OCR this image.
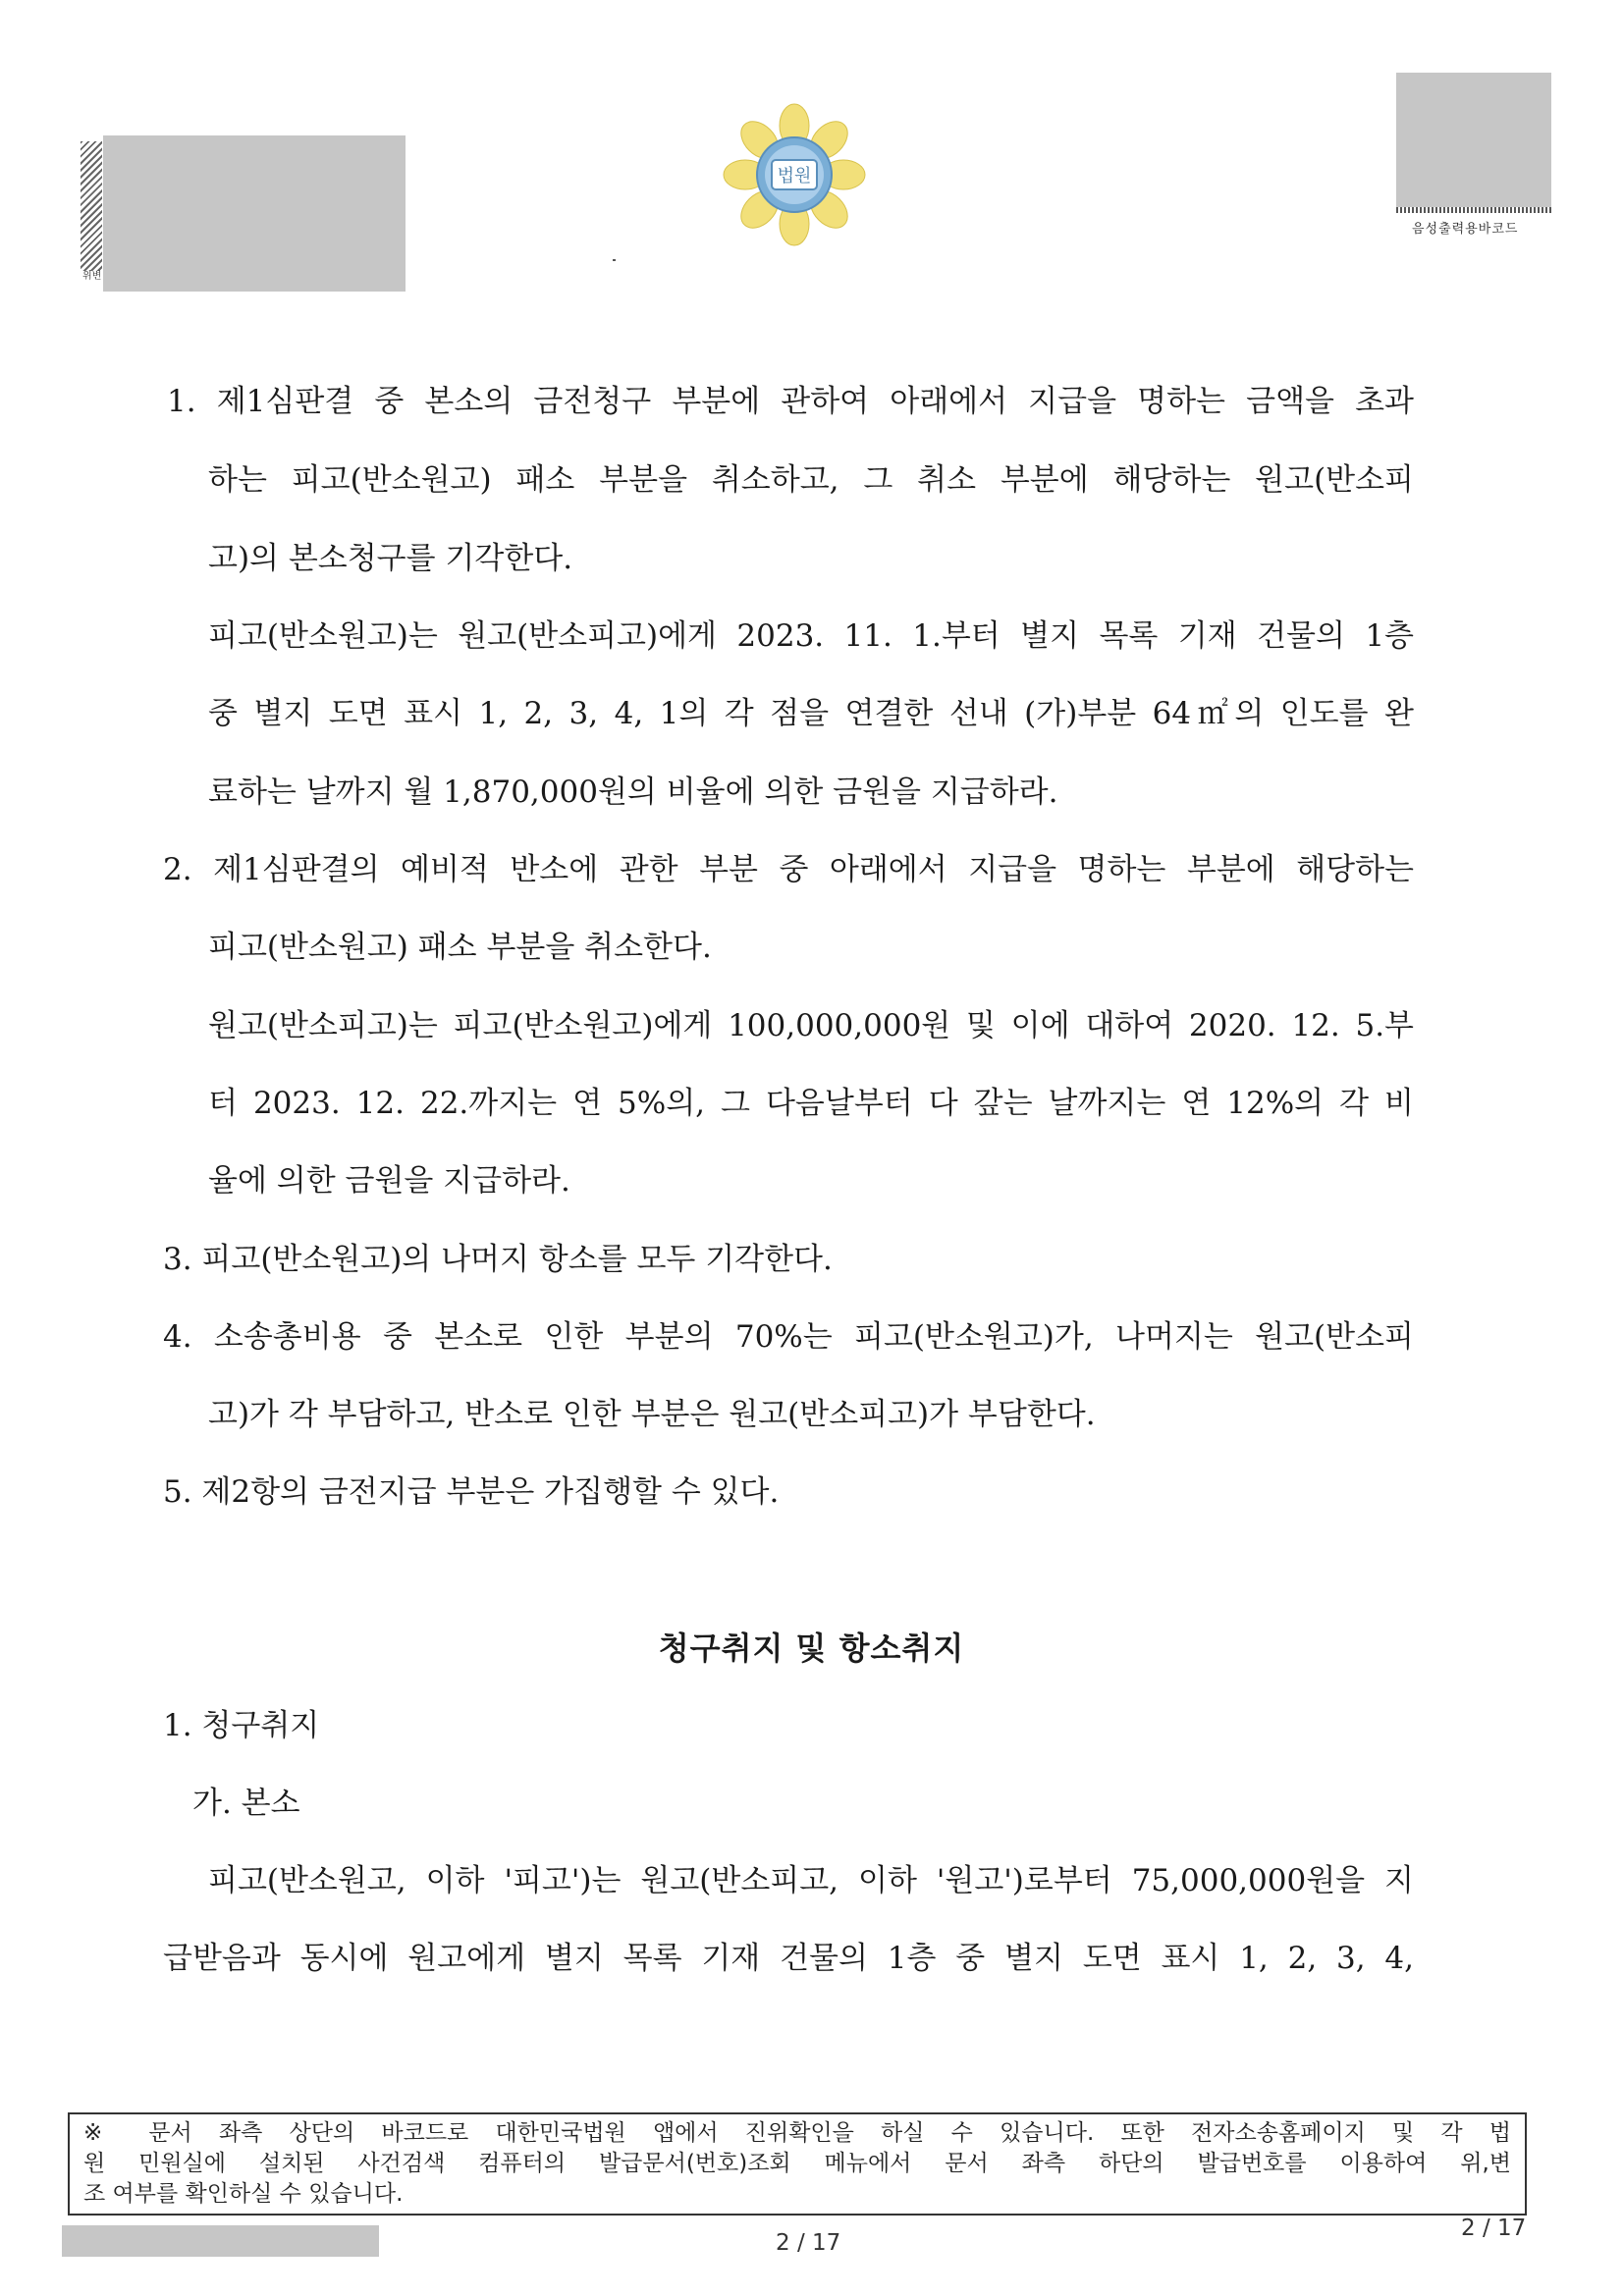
위변
법원
음성출력용바코드
1. 제1심판결 중 본소의 금전청구 부분에 관하여 아래에서 지급을 명하는 금액을 초과
하는 피고(반소원고) 패소 부분을 취소하고, 그 취소 부분에 해당하는 원고(반소피
고)의 본소청구를 기각한다.
피고(반소원고)는 원고(반소피고)에게 2023. 11. 1.부터 별지 목록 기재 건물의 1층
중 별지 도면 표시 1, 2, 3, 4, 1의 각 점을 연결한 선내 (가)부분 64㎡의 인도를 완
료하는 날까지 월 1,870,000원의 비율에 의한 금원을 지급하라.
2. 제1심판결의 예비적 반소에 관한 부분 중 아래에서 지급을 명하는 부분에 해당하는
피고(반소원고) 패소 부분을 취소한다.
원고(반소피고)는 피고(반소원고)에게 100,000,000원 및 이에 대하여 2020. 12. 5.부
터 2023. 12. 22.까지는 연 5%의, 그 다음날부터 다 갚는 날까지는 연 12%의 각 비
율에 의한 금원을 지급하라.
3. 피고(반소원고)의 나머지 항소를 모두 기각한다.
4. 소송총비용 중 본소로 인한 부분의 70%는 피고(반소원고)가, 나머지는 원고(반소피
고)가 각 부담하고, 반소로 인한 부분은 원고(반소피고)가 부담한다.
5. 제2항의 금전지급 부분은 가집행할 수 있다.
청구취지 및 항소취지
1. 청구취지
가. 본소
피고(반소원고, 이하 '피고')는 원고(반소피고, 이하 '원고')로부터 75,000,000원을 지
급받음과 동시에 원고에게 별지 목록 기재 건물의 1층 중 별지 도면 표시 1, 2, 3, 4,
※ 문서 좌측 상단의 바코드로 대한민국법원 앱에서 진위확인을 하실 수 있습니다. 또한 전자소송홈페이지 및 각 법
원 민원실에 설치된 사건검색 컴퓨터의 발급문서(번호)조회 메뉴에서 문서 좌측 하단의 발급번호를 이용하여 위,변
조 여부를 확인하실 수 있습니다.
2 / 17
2 / 17
